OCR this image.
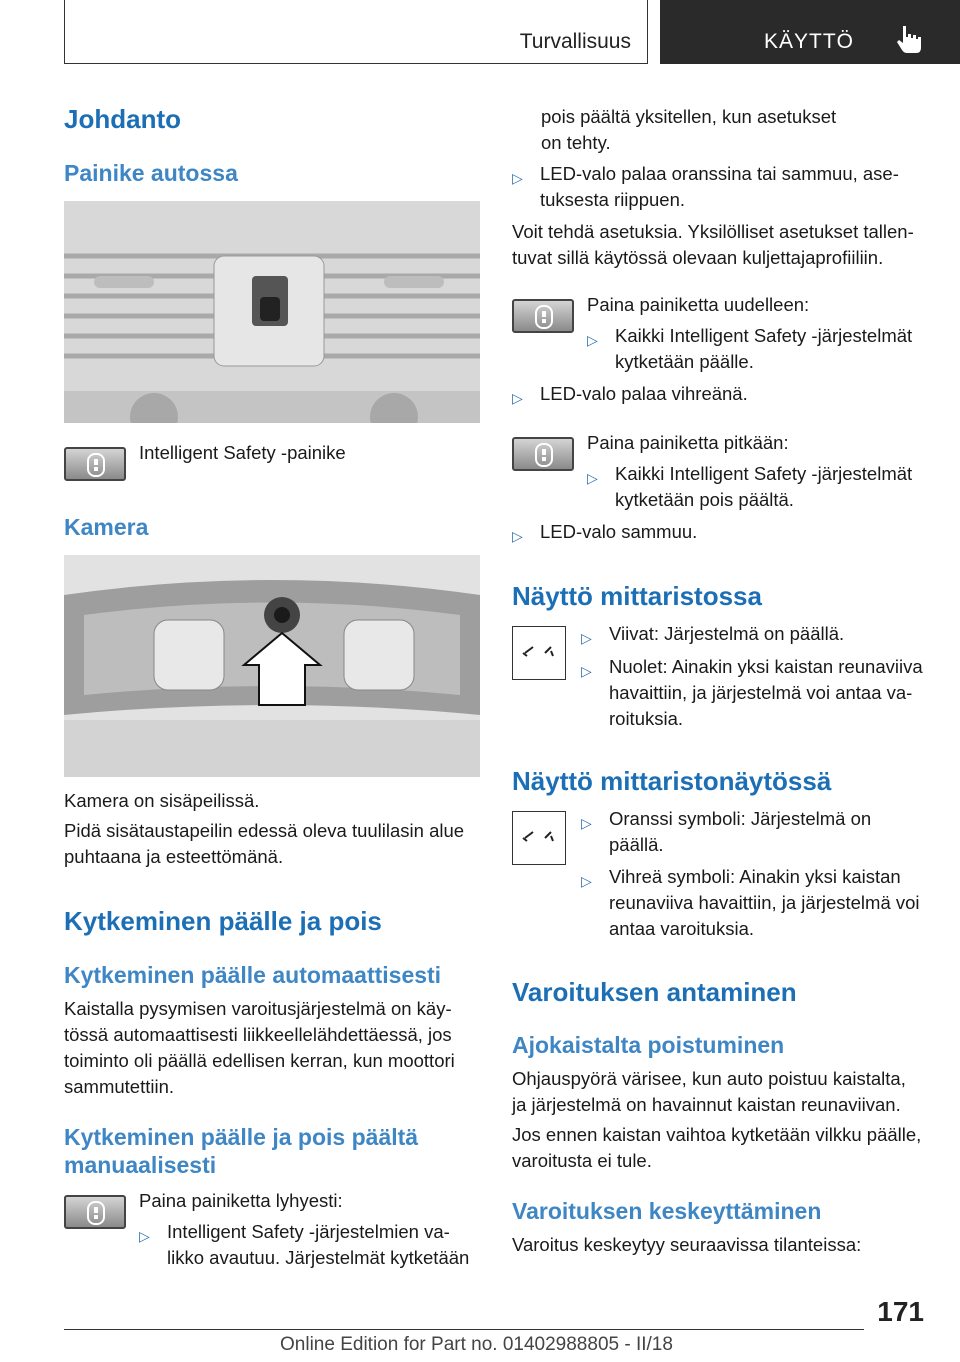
Turvallisuus	KÄYTTÖ
Johdanto
Painike autossa
Intelligent Safety -painike
Kamera
Kamera on sisäpeilissä.
Pidä sisätaustapeilin edessä oleva tuulilasin alue
puhtaana ja esteettömänä.
Kytkeminen päälle ja pois
Kytkeminen päälle automaattisesti
Kaistalla pysymisen varoitusjärjestelmä on käy-
tössä automaattisesti liikkeellelähdettäessä, jos
toiminto oli päällä edellisen kerran, kun moottori
sammutettiin.
Kytkeminen päälle ja pois päältä
manuaalisesti
Paina painiketta lyhyesti:
▷ Intelligent Safety -järjestelmien va-
likko avautuu. Järjestelmät kytketään
pois päältä yksitellen, kun asetukset
on tehty.
▷ LED-valo palaa oranssina tai sammuu, ase-
tuksesta riippuen.
Voit tehdä asetuksia. Yksilölliset asetukset tallen-
tuvat sillä käytössä olevaan kuljettajaprofiiliin.
Paina painiketta uudelleen:
▷ Kaikki Intelligent Safety -järjestelmät
kytketään päälle.
▷ LED-valo palaa vihreänä.
Paina painiketta pitkään:
▷ Kaikki Intelligent Safety -järjestelmät
kytketään pois päältä.
▷ LED-valo sammuu.
Näyttö mittaristossa
▷ Viivat: Järjestelmä on päällä.
▷ Nuolet: Ainakin yksi kaistan reunaviiva
havaittiin, ja järjestelmä voi antaa va-
roituksia.
Näyttö mittaristonäytössä
▷ Oranssi symboli: Järjestelmä on
päällä.
▷ Vihreä symboli: Ainakin yksi kaistan
reunaviiva havaittiin, ja järjestelmä voi
antaa varoituksia.
Varoituksen antaminen
Ajokaistalta poistuminen
Ohjauspyörä värisee, kun auto poistuu kaistalta,
ja järjestelmä on havainnut kaistan reunaviivan.
Jos ennen kaistan vaihtoa kytketään vilkku päälle,
varoitusta ei tule.
Varoituksen keskeyttäminen
Varoitus keskeytyy seuraavissa tilanteissa:
171
Online Edition for Part no. 01402988805 - II/18
